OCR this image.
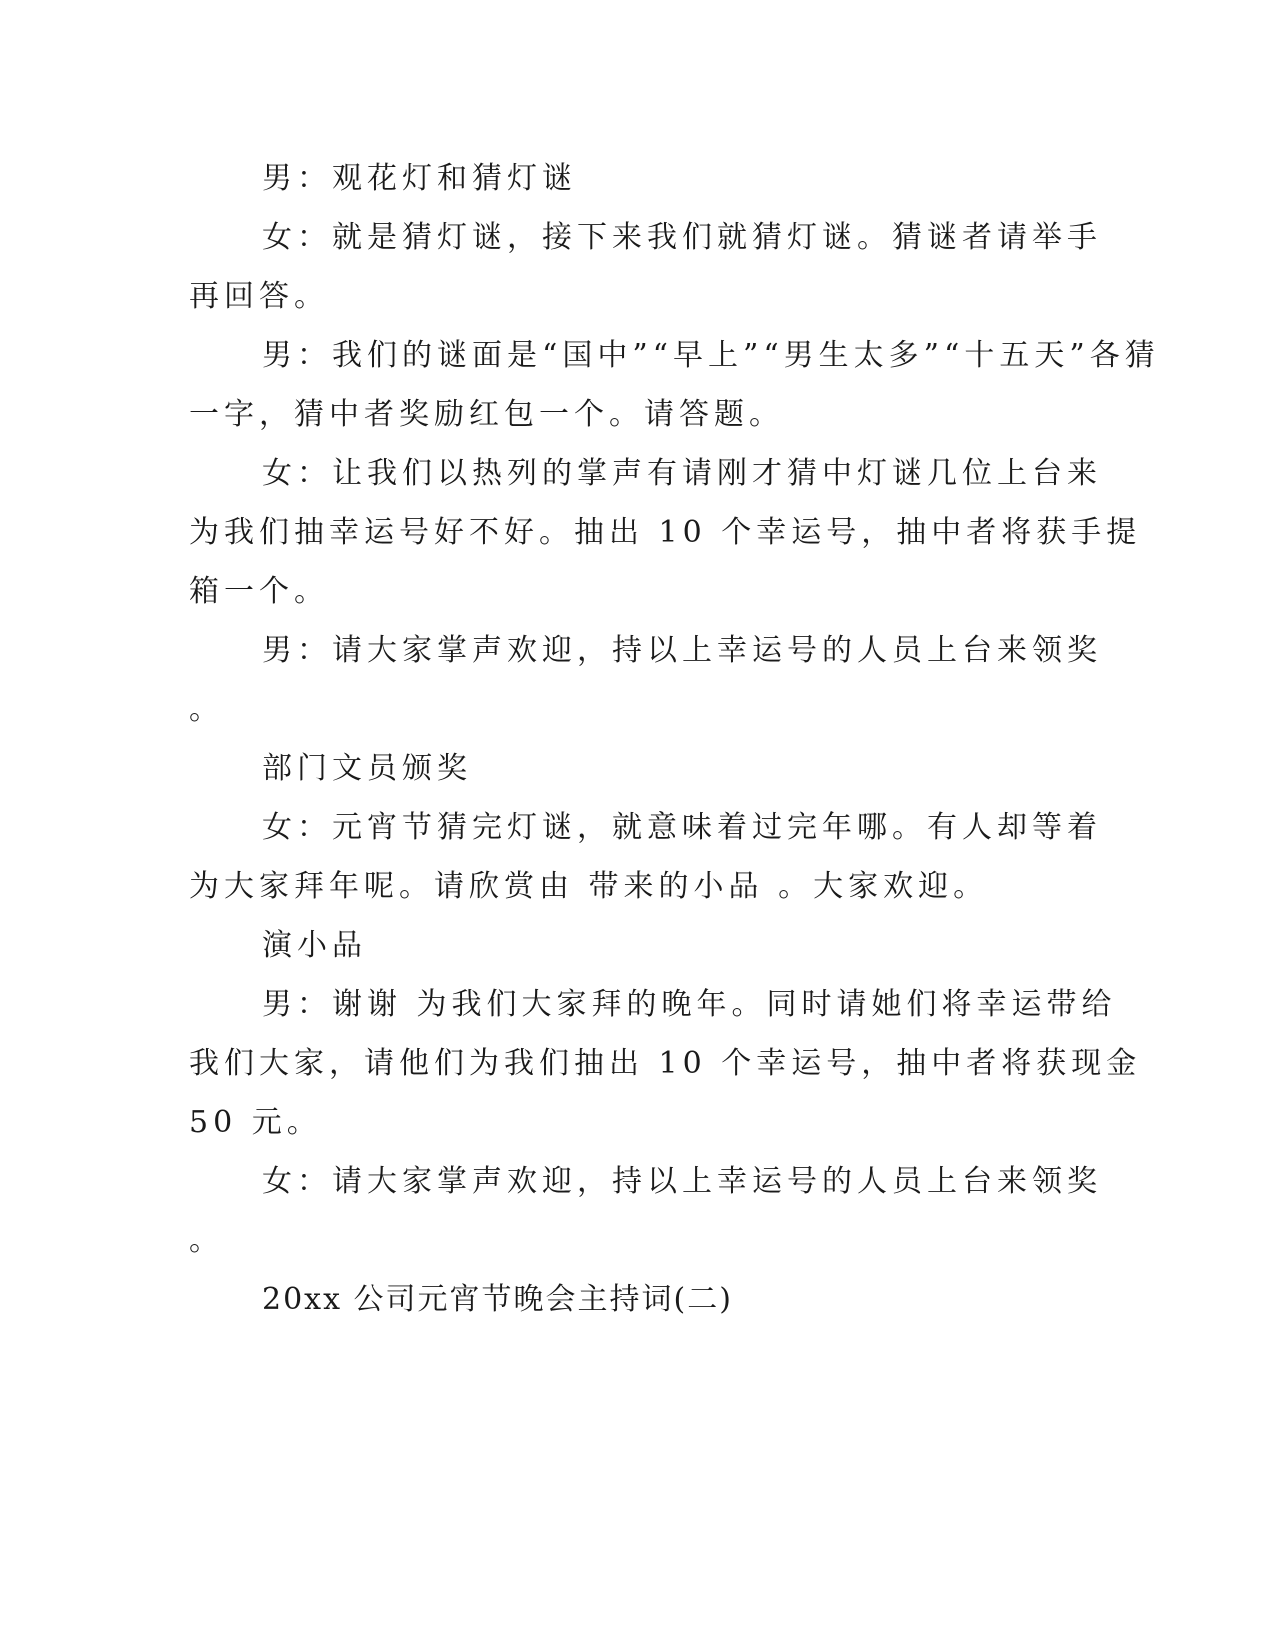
男：观花灯和猜灯谜
女：就是猜灯谜，接下来我们就猜灯谜。猜谜者请举手
再回答。
男：我们的谜面是“国中”“早上”“男生太多”“十五天”各猜
一字，猜中者奖励红包一个。请答题。
女：让我们以热列的掌声有请刚才猜中灯谜几位上台来
为我们抽幸运号好不好。抽出 10 个幸运号，抽中者将获手提
箱一个。
男：请大家掌声欢迎，持以上幸运号的人员上台来领奖
。
部门文员颁奖
女：元宵节猜完灯谜，就意味着过完年哪。有人却等着
为大家拜年呢。请欣赏由 带来的小品 。大家欢迎。
演小品
男：谢谢 为我们大家拜的晚年。同时请她们将幸运带给
我们大家，请他们为我们抽出 10 个幸运号，抽中者将获现金
50 元。
女：请大家掌声欢迎，持以上幸运号的人员上台来领奖
。
20xx 公司元宵节晚会主持词(二)
